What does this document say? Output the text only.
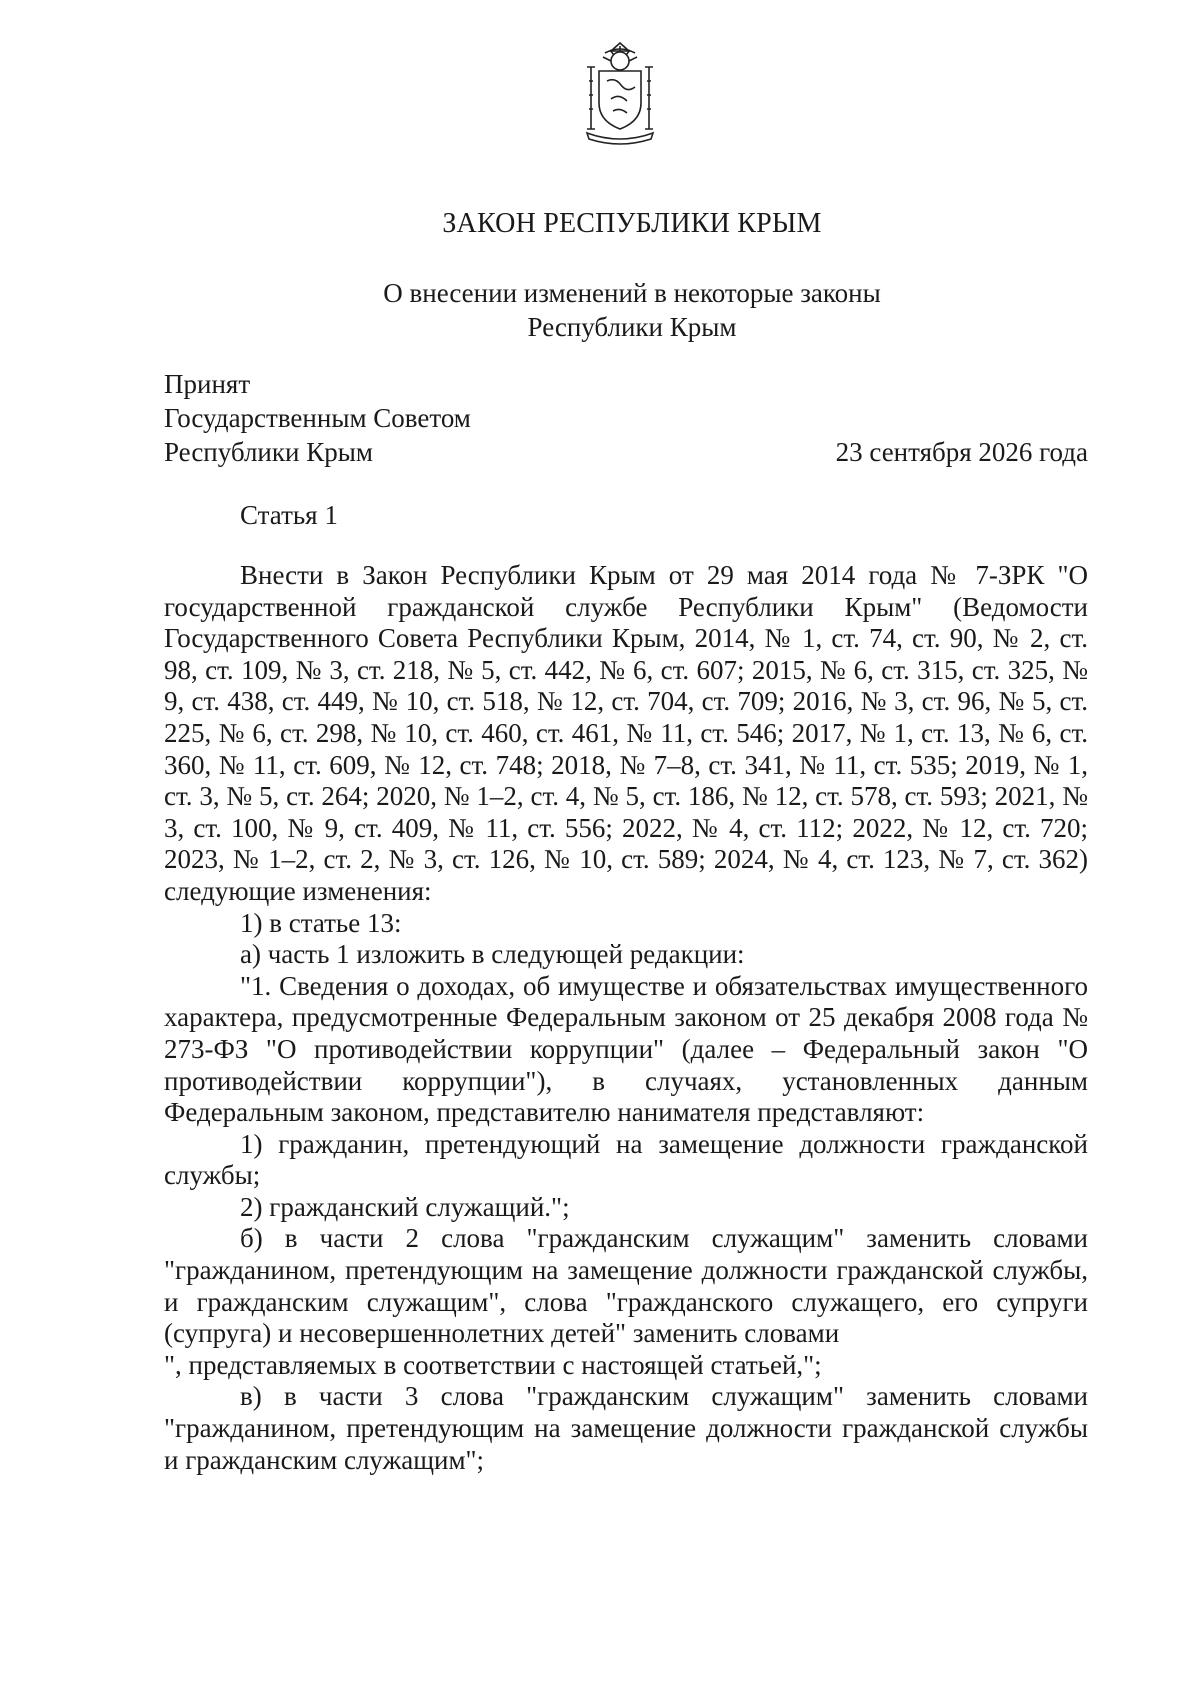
ЗАКОН РЕСПУБЛИКИ КРЫМ
О внесении изменений в некоторые законы
Республики Крым
Принят
Государственным Советом
Республики Крым	23 сентября 2026 года
Статья 1

Внести в Закон Республики Крым от 29 мая 2014 года № 7-ЗРК "О государственной гражданской службе Республики Крым" (Ведомости Государственного Совета Республики Крым, 2014, № 1, ст. 74, ст. 90, № 2, ст. 98, ст. 109, № 3, ст. 218, № 5, ст. 442, № 6, ст. 607; 2015, № 6, ст. 315, ст. 325, № 9, ст. 438, ст. 449, № 10, ст. 518, № 12, ст. 704, ст. 709; 2016, № 3, ст. 96, № 5, ст. 225, № 6, ст. 298, № 10, ст. 460, ст. 461, № 11, ст. 546; 2017, № 1, ст. 13, № 6, ст. 360, № 11, ст. 609, № 12, ст. 748; 2018, № 7–8, ст. 341, № 11, ст. 535; 2019, № 1, ст. 3, № 5, ст. 264; 2020, № 1–2, ст. 4, № 5, ст. 186, № 12, ст. 578, ст. 593; 2021, № 3, ст. 100, № 9, ст. 409, № 11, ст. 556; 2022, № 4, ст. 112; 2022, № 12, ст. 720; 2023, № 1–2, ст. 2, № 3, ст. 126, № 10, ст. 589; 2024, № 4, ст. 123, № 7, ст. 362) следующие изменения:

1) в статье 13:

а) часть 1 изложить в следующей редакции:

"1. Сведения о доходах, об имуществе и обязательствах имущественного характера, предусмотренные Федеральным законом от 25 декабря 2008 года № 273-ФЗ "О противодействии коррупции" (далее – Федеральный закон "О противодействии коррупции"), в случаях, установленных данным Федеральным законом, представителю нанимателя представляют:

1) гражданин, претендующий на замещение должности гражданской службы;

2) гражданский служащий.";

б) в части 2 слова "гражданским служащим" заменить словами "гражданином, претендующим на замещение должности гражданской службы, и гражданским служащим", слова "гражданского служащего, его супруги (супруга) и несовершеннолетних детей" заменить словами

", представляемых в соответствии с настоящей статьей,";

в) в части 3 слова "гражданским служащим" заменить словами "гражданином, претендующим на замещение должности гражданской службы и гражданским служащим";
